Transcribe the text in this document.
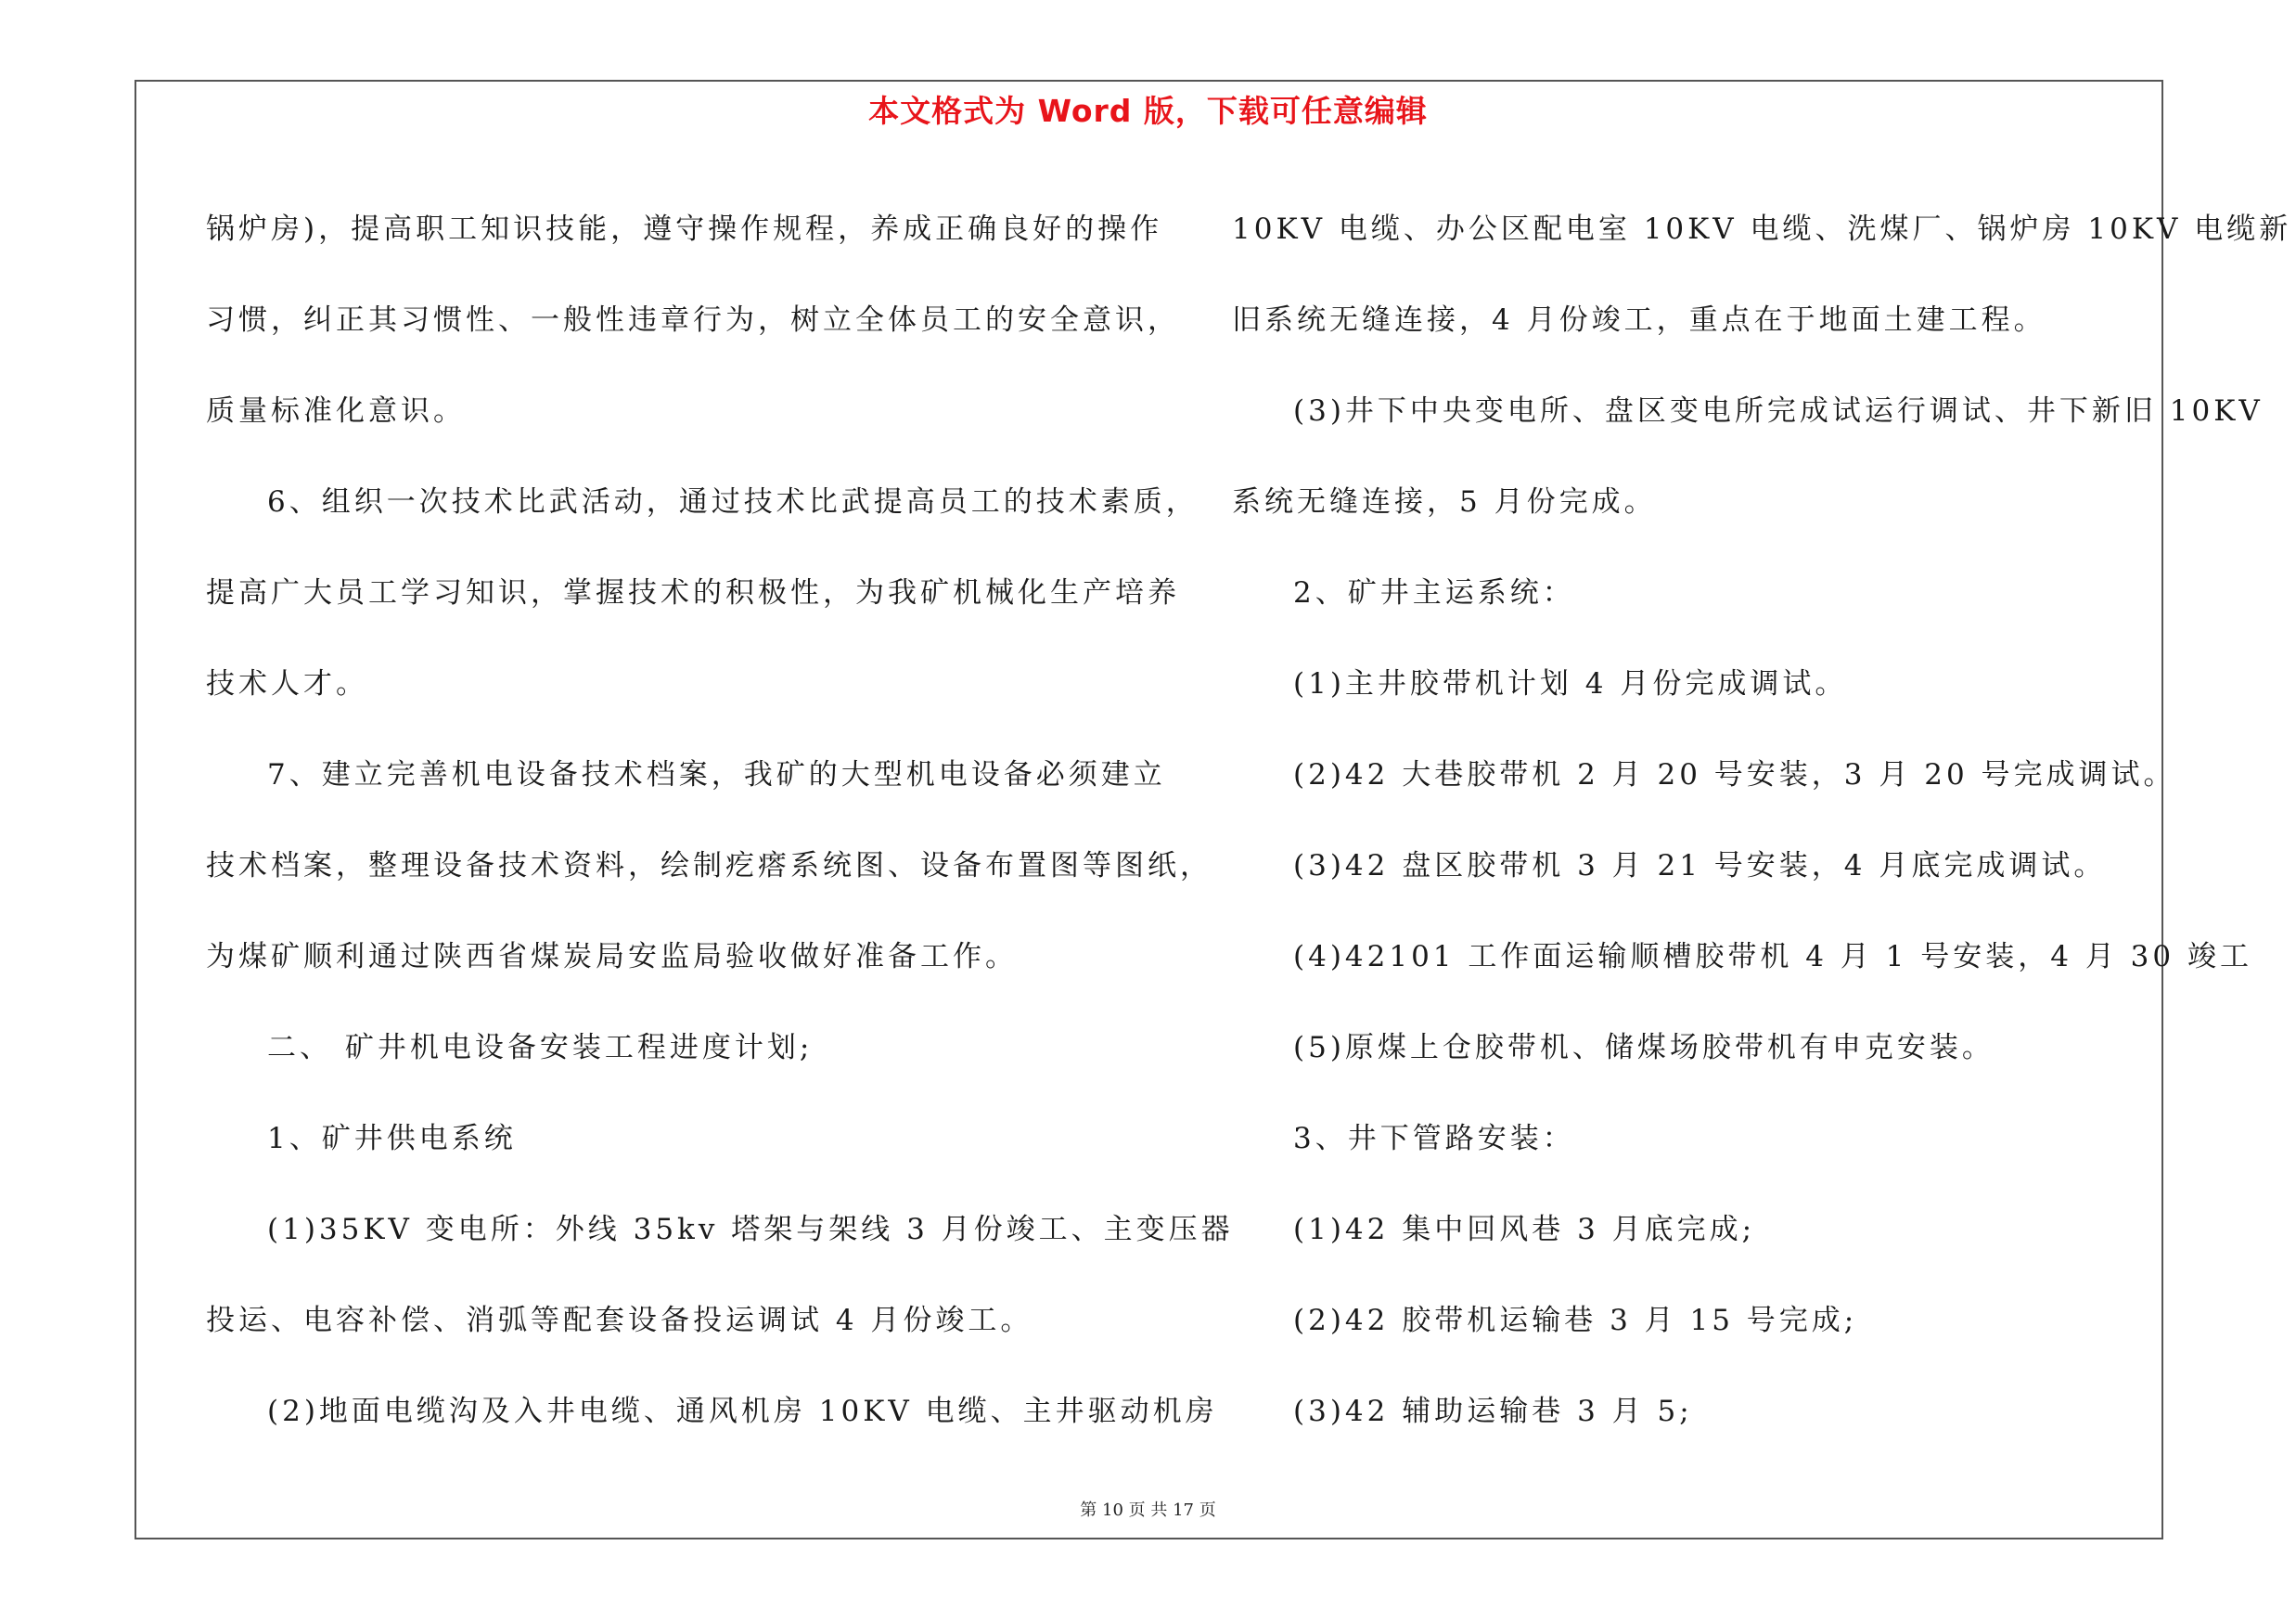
本文格式为 Word 版，下载可任意编辑
锅炉房)，提高职工知识技能，遵守操作规程，养成正确良好的操作
习惯，纠正其习惯性、一般性违章行为，树立全体员工的安全意识，
质量标准化意识。
6、组织一次技术比武活动，通过技术比武提高员工的技术素质，
提高广大员工学习知识，掌握技术的积极性，为我矿机械化生产培养
技术人才。
7、建立完善机电设备技术档案，我矿的大型机电设备必须建立
技术档案，整理设备技术资料，绘制疙瘩系统图、设备布置图等图纸，
为煤矿顺利通过陕西省煤炭局安监局验收做好准备工作。
二、 矿井机电设备安装工程进度计划;
1、矿井供电系统
(1)35KV 变电所：外线 35kv 塔架与架线 3 月份竣工、主变压器
投运、电容补偿、消弧等配套设备投运调试 4 月份竣工。
(2)地面电缆沟及入井电缆、通风机房 10KV 电缆、主井驱动机房
10KV 电缆、办公区配电室 10KV 电缆、洗煤厂、锅炉房 10KV 电缆新
旧系统无缝连接，4 月份竣工，重点在于地面土建工程。
(3)井下中央变电所、盘区变电所完成试运行调试、井下新旧 10KV
系统无缝连接，5 月份完成。
2、矿井主运系统：
(1)主井胶带机计划 4 月份完成调试。
(2)42 大巷胶带机 2 月 20 号安装，3 月 20 号完成调试。
(3)42 盘区胶带机 3 月 21 号安装，4 月底完成调试。
(4)42101 工作面运输顺槽胶带机 4 月 1 号安装，4 月 30 竣工
(5)原煤上仓胶带机、储煤场胶带机有申克安装。
3、井下管路安装：
(1)42 集中回风巷 3 月底完成;
(2)42 胶带机运输巷 3 月 15 号完成;
(3)42 辅助运输巷 3 月 5;
第 10 页 共 17 页
